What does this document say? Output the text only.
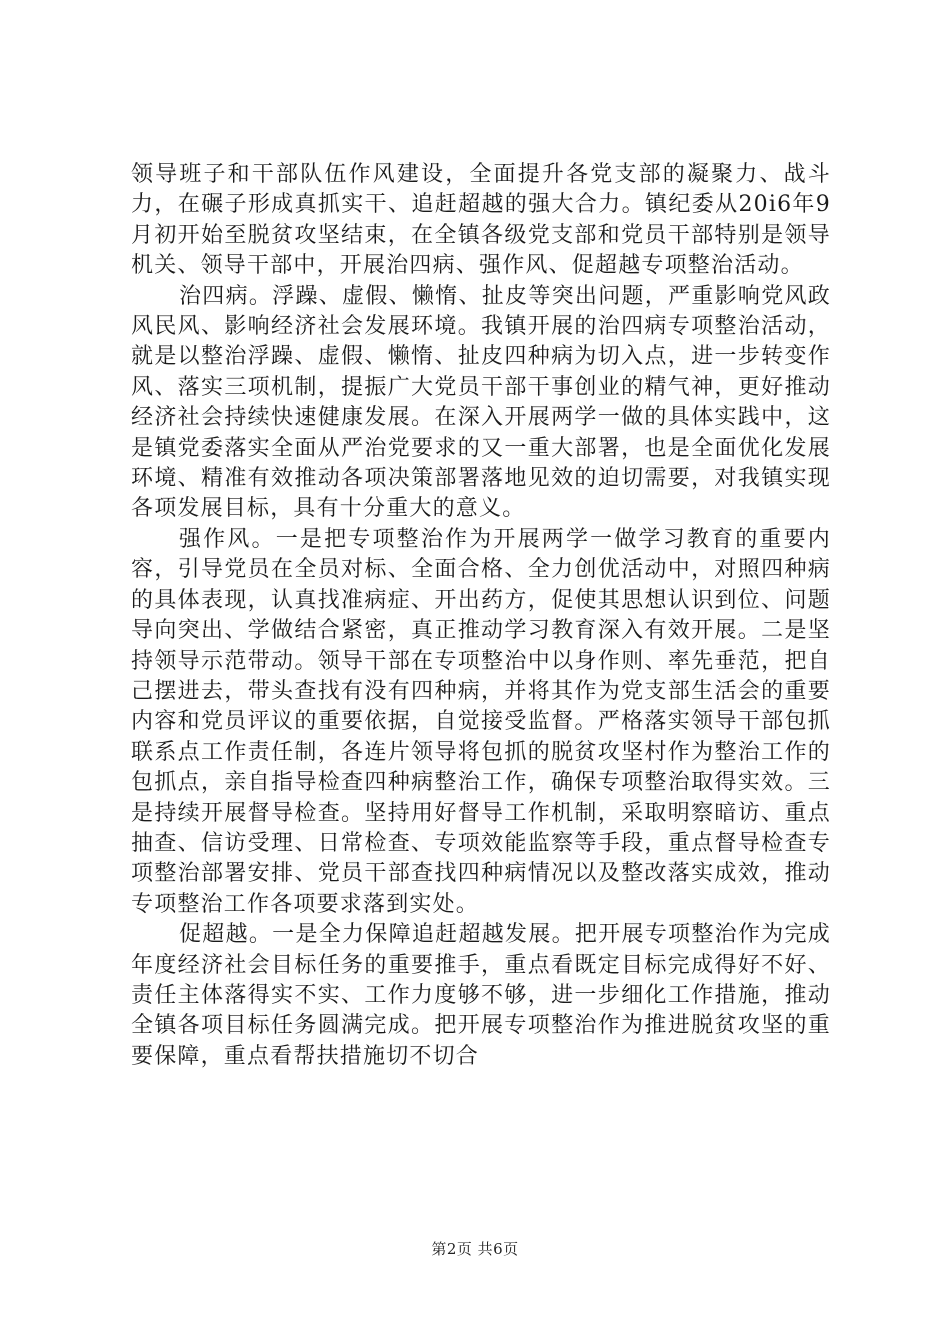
领导班子和干部队伍作风建设，全面提升各党支部的凝聚力、战斗力，在碾子形成真抓实干、追赶超越的强大合力。镇纪委从20i6年9月初开始至脱贫攻坚结束，在全镇各级党支部和党员干部特别是领导机关、领导干部中，开展治四病、强作风、促超越专项整治活动。

治四病。浮躁、虚假、懒惰、扯皮等突出问题，严重影响党风政风民风、影响经济社会发展环境。我镇开展的治四病专项整治活动，就是以整治浮躁、虚假、懒惰、扯皮四种病为切入点，进一步转变作风、落实三项机制，提振广大党员干部干事创业的精气神，更好推动经济社会持续快速健康发展。在深入开展两学一做的具体实践中，这是镇党委落实全面从严治党要求的又一重大部署，也是全面优化发展环境、精准有效推动各项决策部署落地见效的迫切需要，对我镇实现各项发展目标，具有十分重大的意义。

强作风。一是把专项整治作为开展两学一做学习教育的重要内容，引导党员在全员对标、全面合格、全力创优活动中，对照四种病的具体表现，认真找准病症、开出药方，促使其思想认识到位、问题导向突出、学做结合紧密，真正推动学习教育深入有效开展。二是坚持领导示范带动。领导干部在专项整治中以身作则、率先垂范，把自己摆进去，带头查找有没有四种病，并将其作为党支部生活会的重要内容和党员评议的重要依据，自觉接受监督。严格落实领导干部包抓联系点工作责任制，各连片领导将包抓的脱贫攻坚村作为整治工作的包抓点，亲自指导检查四种病整治工作，确保专项整治取得实效。三是持续开展督导检查。坚持用好督导工作机制，采取明察暗访、重点抽查、信访受理、日常检查、专项效能监察等手段，重点督导检查专项整治部署安排、党员干部查找四种病情况以及整改落实成效，推动专项整治工作各项要求落到实处。

促超越。一是全力保障追赶超越发展。把开展专项整治作为完成年度经济社会目标任务的重要推手，重点看既定目标完成得好不好、责任主体落得实不实、工作力度够不够，进一步细化工作措施，推动全镇各项目标任务圆满完成。把开展专项整治作为推进脱贫攻坚的重要保障，重点看帮扶措施切不切合

第2页 共6页
